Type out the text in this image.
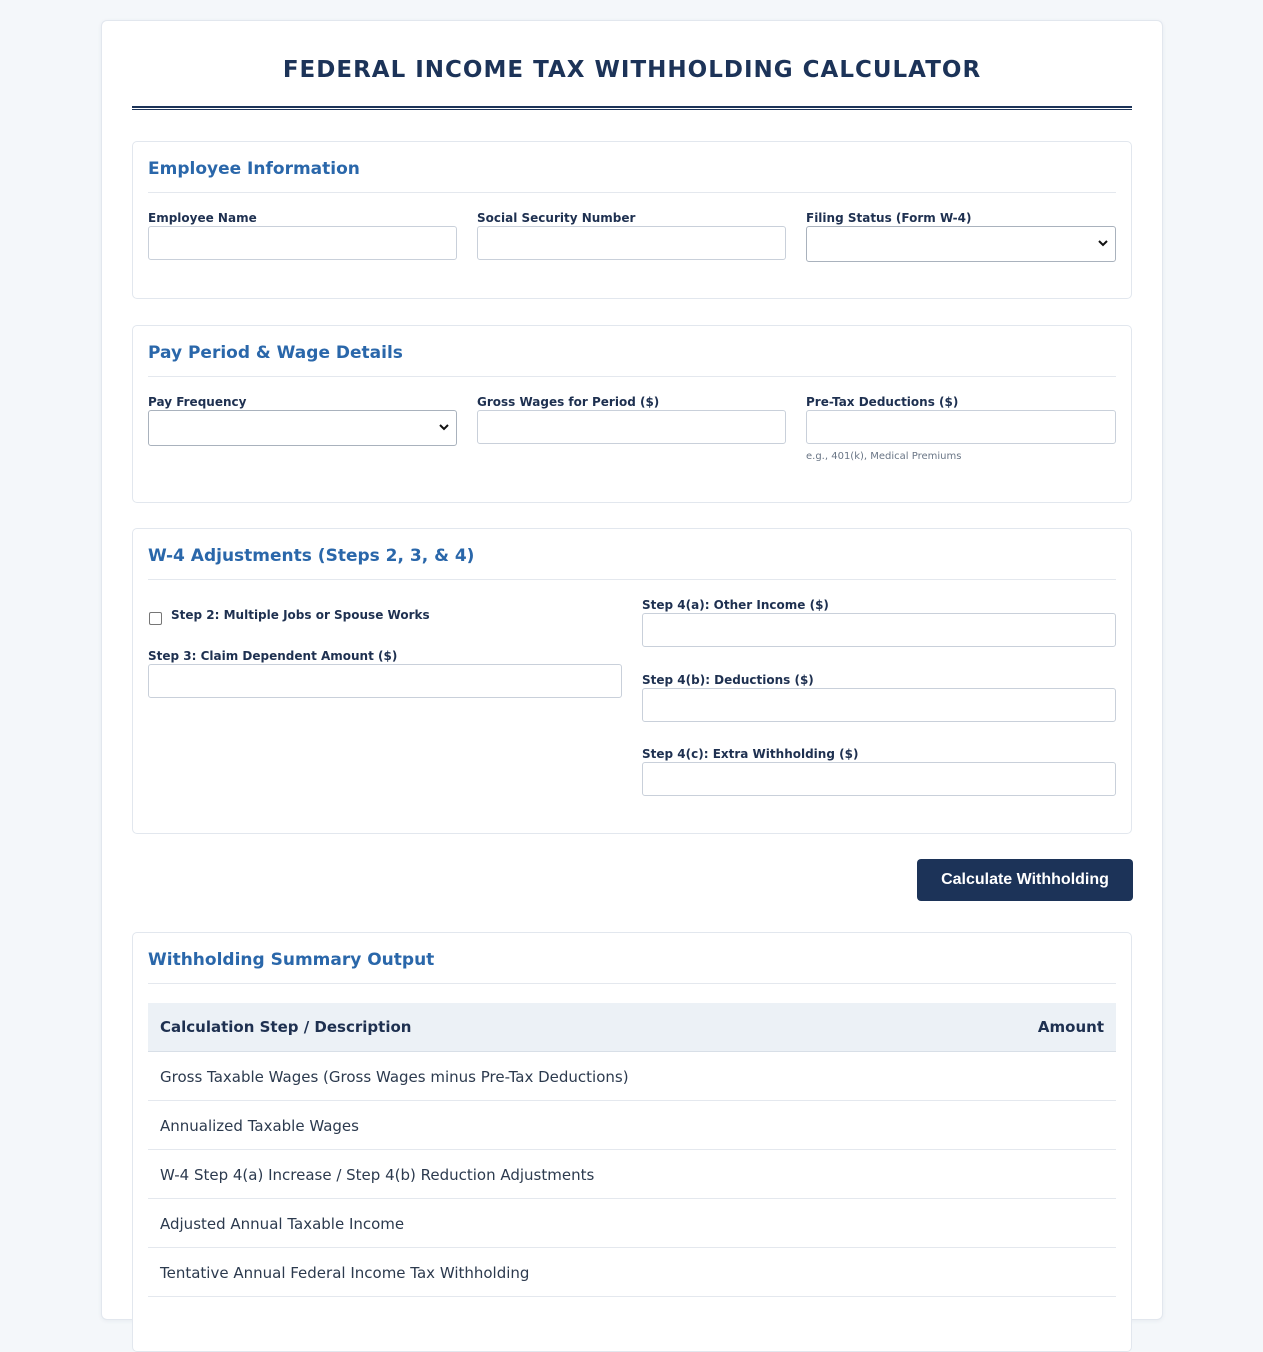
FEDERAL INCOME TAX WITHHOLDING CALCULATOR
Employee Information
Employee Name	Social Security Number	Filing Status (Form W-4)
Pay Period & Wage Details
Pay Frequency	Gross Wages for Period ($)	Pre-Tax Deductions ($)
e.g., 401(k), Medical Premiums
W-4 Adjustments (Steps 2, 3, & 4)
Step 2: Multiple Jobs or Spouse Works
Step 3: Claim Dependent Amount ($)
Step 4(a): Other Income ($)
Step 4(b): Deductions ($)
Step 4(c): Extra Withholding ($)
Calculate Withholding
Withholding Summary Output
Calculation Step / Description	Amount
Gross Taxable Wages (Gross Wages minus Pre-Tax Deductions)
Annualized Taxable Wages
W-4 Step 4(a) Increase / Step 4(b) Reduction Adjustments
Adjusted Annual Taxable Income
Tentative Annual Federal Income Tax Withholding
